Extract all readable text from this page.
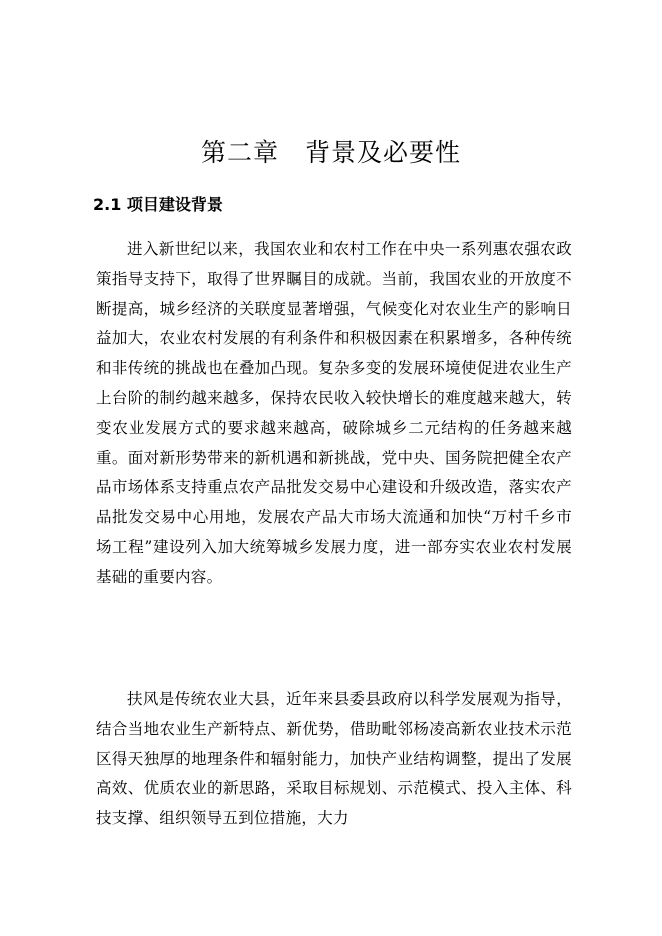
第二章　背景及必要性
2.1 项目建设背景

进入新世纪以来，我国农业和农村工作在中央一系列惠农强农政策指导支持下，取得了世界瞩目的成就。当前，我国农业的开放度不断提高，城乡经济的关联度显著增强，气候变化对农业生产的影响日益加大，农业农村发展的有利条件和积极因素在积累增多，各种传统和非传统的挑战也在叠加凸现。复杂多变的发展环境使促进农业生产上台阶的制约越来越多，保持农民收入较快增长的难度越来越大，转变农业发展方式的要求越来越高，破除城乡二元结构的任务越来越重。面对新形势带来的新机遇和新挑战，党中央、国务院把健全农产品市场体系支持重点农产品批发交易中心建设和升级改造，落实农产品批发交易中心用地，发展农产品大市场大流通和加快“万村千乡市场工程”建设列入加大统筹城乡发展力度，进一部夯实农业农村发展基础的重要内容。

扶风是传统农业大县，近年来县委县政府以科学发展观为指导，结合当地农业生产新特点、新优势，借助毗邻杨凌高新农业技术示范区得天独厚的地理条件和辐射能力，加快产业结构调整，提出了发展高效、优质农业的新思路，采取目标规划、示范模式、投入主体、科技支撑、组织领导五到位措施，大力
